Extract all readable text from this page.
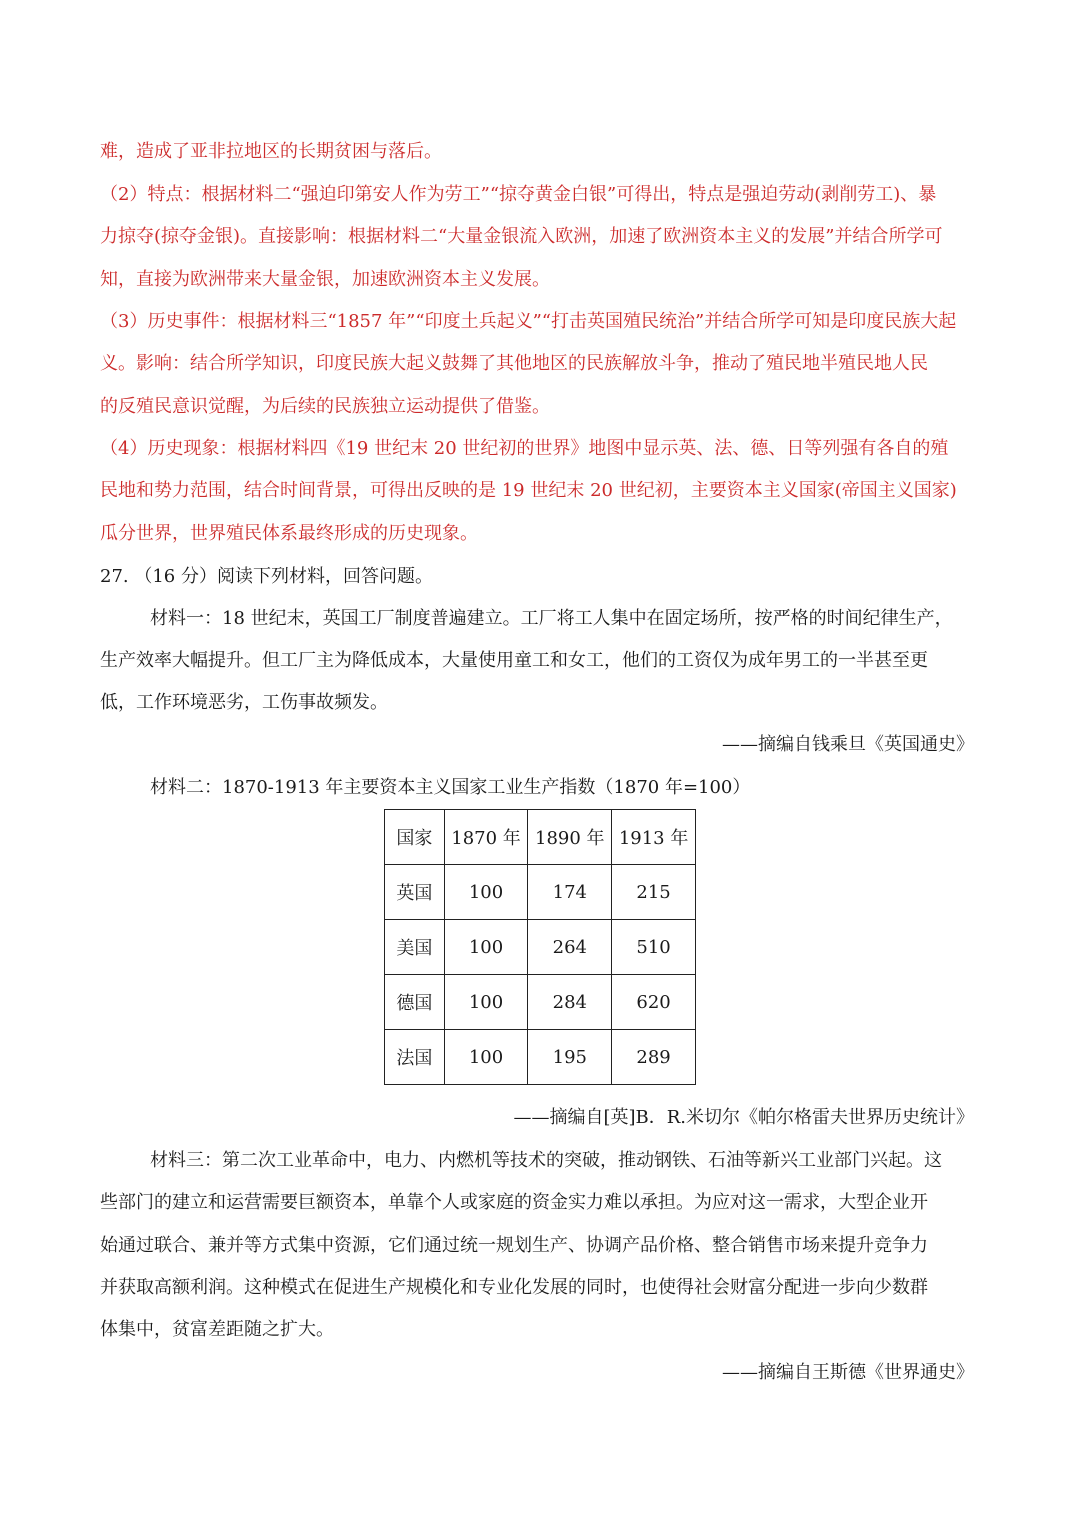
难，造成了亚非拉地区的长期贫困与落后。
（2）特点：根据材料二“强迫印第安人作为劳工”“掠夺黄金白银”可得出，特点是强迫劳动(剥削劳工)、暴
力掠夺(掠夺金银)。直接影响：根据材料二“大量金银流入欧洲，加速了欧洲资本主义的发展”并结合所学可
知，直接为欧洲带来大量金银，加速欧洲资本主义发展。
（3）历史事件：根据材料三“1857 年”“印度土兵起义”“打击英国殖民统治”并结合所学可知是印度民族大起
义。影响：结合所学知识，印度民族大起义鼓舞了其他地区的民族解放斗争，推动了殖民地半殖民地人民
的反殖民意识觉醒，为后续的民族独立运动提供了借鉴。
（4）历史现象：根据材料四《19 世纪末 20 世纪初的世界》地图中显示英、法、德、日等列强有各自的殖
民地和势力范围，结合时间背景，可得出反映的是 19 世纪末 20 世纪初，主要资本主义国家(帝国主义国家)
瓜分世界，世界殖民体系最终形成的历史现象。
27. （16 分）阅读下列材料，回答问题。
材料一：18 世纪末，英国工厂制度普遍建立。工厂将工人集中在固定场所，按严格的时间纪律生产，
生产效率大幅提升。但工厂主为降低成本，大量使用童工和女工，他们的工资仅为成年男工的一半甚至更
低，工作环境恶劣，工伤事故频发。
——摘编自钱乘旦《英国通史》
材料二：1870-1913 年主要资本主义国家工业生产指数（1870 年=100）
国家	1870 年	1890 年	1913 年
英国	100	174	215
美国	100	264	510
德国	100	284	620
法国	100	195	289
——摘编自[英]B．R.米切尔《帕尔格雷夫世界历史统计》
材料三：第二次工业革命中，电力、内燃机等技术的突破，推动钢铁、石油等新兴工业部门兴起。这
些部门的建立和运营需要巨额资本，单靠个人或家庭的资金实力难以承担。为应对这一需求，大型企业开
始通过联合、兼并等方式集中资源，它们通过统一规划生产、协调产品价格、整合销售市场来提升竞争力
并获取高额利润。这种模式在促进生产规模化和专业化发展的同时，也使得社会财富分配进一步向少数群
体集中，贫富差距随之扩大。
——摘编自王斯德《世界通史》
